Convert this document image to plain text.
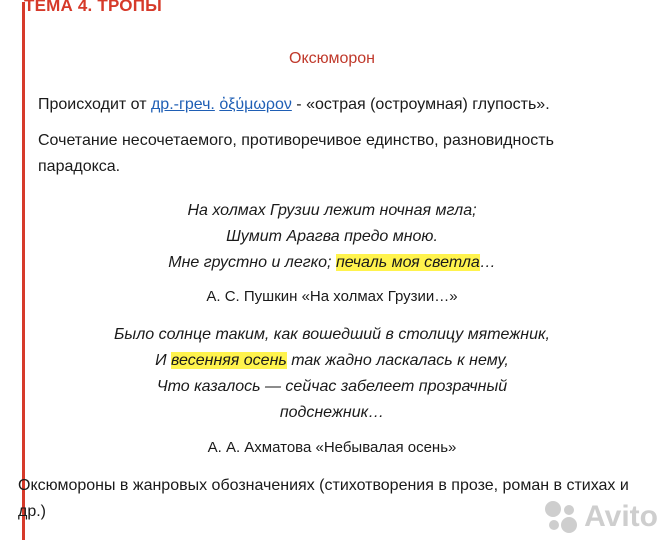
ТЕМА 4. ТРОПЫ
Оксюморон
Происходит от др.-греч. ὀξύμωρον - «острая (остроумная) глупость».
Сочетание несочетаемого, противоречивое единство, разновидность парадокса.
На холмах Грузии лежит ночная мгла;
Шумит Арагва предо мною.
Мне грустно и легко; печаль моя светла…
А. С. Пушкин «На холмах Грузии…»
Было солнце таким, как вошедший в столицу мятежник,
И весенняя осень так жадно ласкалась к нему,
Что казалось — сейчас забелеет прозрачный
подснежник…
А. А. Ахматова «Небывалая осень»
Оксюмороны в жанровых обозначениях (стихотворения в прозе, роман в стихах и др.)	Avito
